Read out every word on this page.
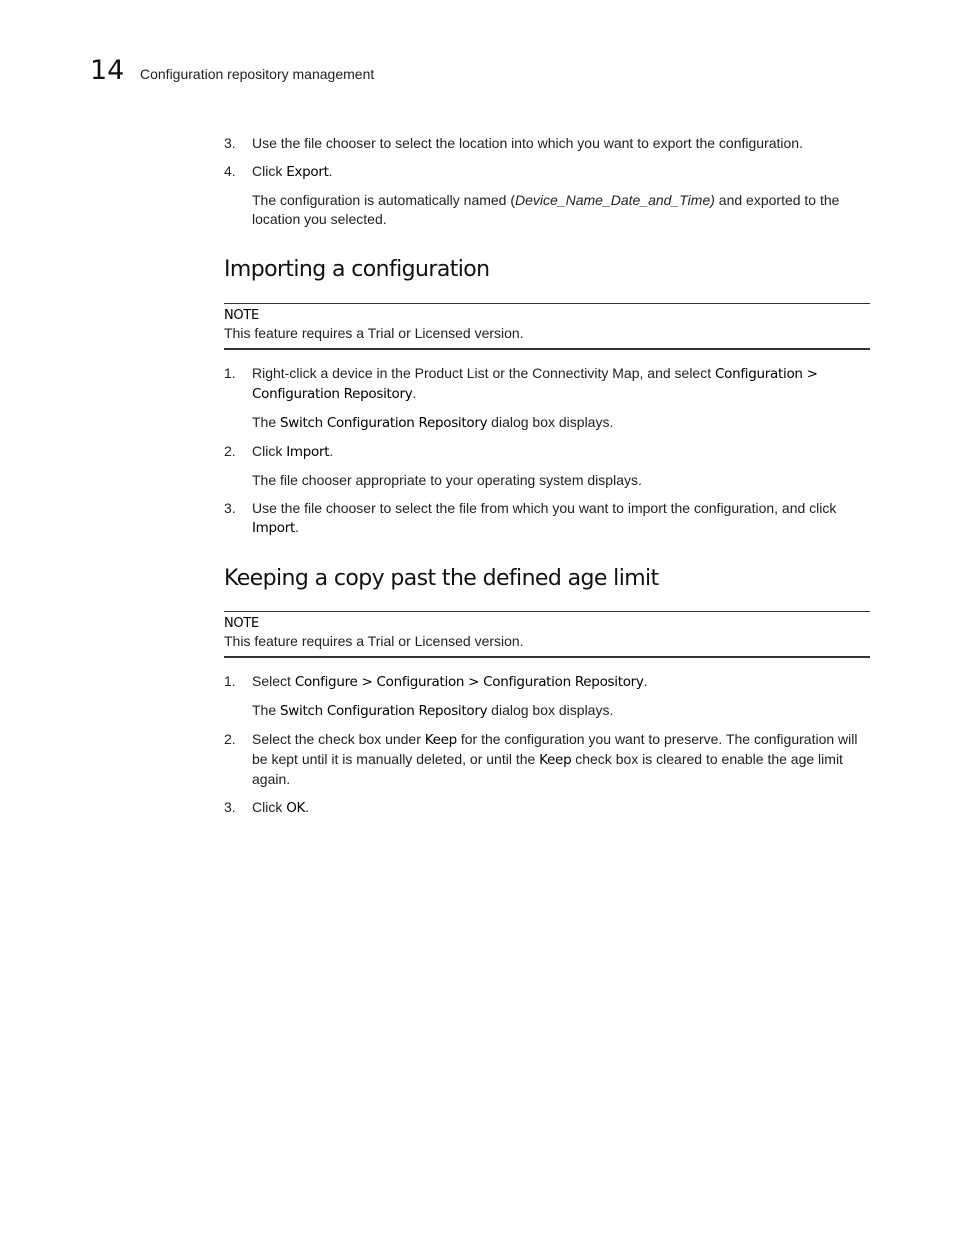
14 Configuration repository management
3. Use the file chooser to select the location into which you want to export the configuration.
4. Click Export.
The configuration is automatically named (Device_Name_Date_and_Time) and exported to the location you selected.
Importing a configuration
NOTE
This feature requires a Trial or Licensed version.
1. Right-click a device in the Product List or the Connectivity Map, and select Configuration > Configuration Repository.
The Switch Configuration Repository dialog box displays.
2. Click Import.
The file chooser appropriate to your operating system displays.
3. Use the file chooser to select the file from which you want to import the configuration, and click Import.
Keeping a copy past the defined age limit
NOTE
This feature requires a Trial or Licensed version.
1. Select Configure > Configuration > Configuration Repository.
The Switch Configuration Repository dialog box displays.
2. Select the check box under Keep for the configuration you want to preserve. The configuration will be kept until it is manually deleted, or until the Keep check box is cleared to enable the age limit again.
3. Click OK.
